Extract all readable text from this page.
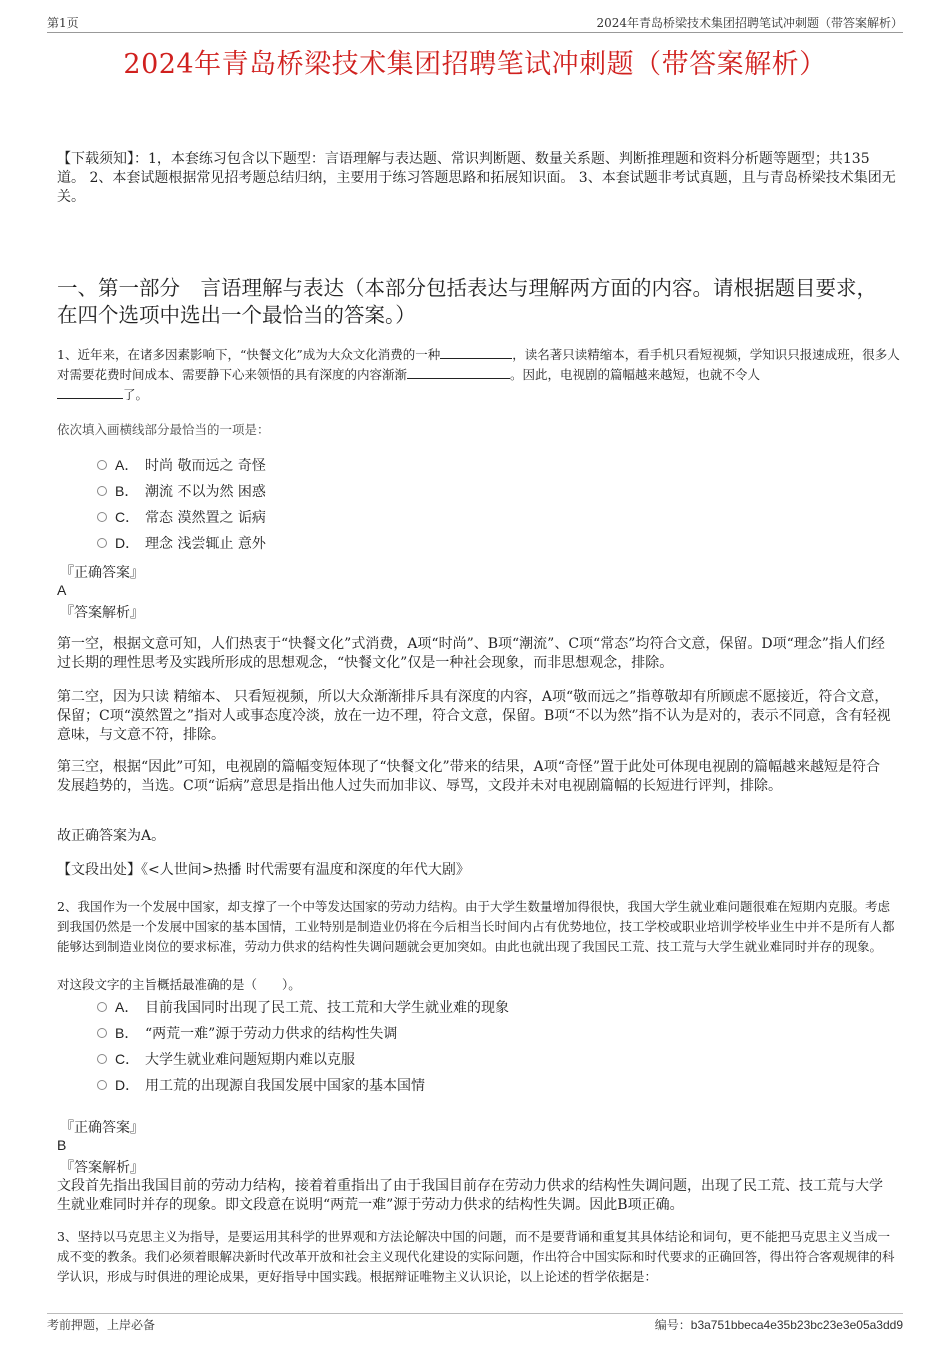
第1页	2024年青岛桥梁技术集团招聘笔试冲刺题（带答案解析）
2024年青岛桥梁技术集团招聘笔试冲刺题（带答案解析）
【下载须知】：1，本套练习包含以下题型：言语理解与表达题、常识判断题、数量关系题、判断推理题和资料分析题等题型；共135道。 2、本套试题根据常见招考题总结归纳，主要用于练习答题思路和拓展知识面。 3、本套试题非考试真题，且与青岛桥梁技术集团无关。
一、第一部分　言语理解与表达（本部分包括表达与理解两方面的内容。请根据题目要求，在四个选项中选出一个最恰当的答案。）
1、近年来，在诸多因素影响下，“快餐文化”成为大众文化消费的一种	，读名著只读精缩本，看手机只看短视频，学知识只报速成班，很多人对需要花费时间成本、需要静下心来领悟的具有深度的内容渐渐	。因此，电视剧的篇幅越来越短，也就不令人
了。
依次填入画横线部分最恰当的一项是：
A． 时尚 敬而远之 奇怪
B． 潮流 不以为然 困惑
C． 常态 漠然置之 诟病
D． 理念 浅尝辄止 意外
『正确答案』
A
『答案解析』
第一空，根据文意可知，人们热衷于“快餐文化”式消费，A项“时尚”、B项“潮流”、C项“常态”均符合文意，保留。D项“理念”指人们经过长期的理性思考及实践所形成的思想观念，“快餐文化”仅是一种社会现象，而非思想观念，排除。
第二空，因为只读 精缩本、 只看短视频，所以大众渐渐排斥具有深度的内容，A项“敬而远之”指尊敬却有所顾虑不愿接近，符合文意，保留；C项“漠然置之”指对人或事态度冷淡，放在一边不理，符合文意，保留。B项“不以为然”指不认为是对的，表示不同意，含有轻视意味，与文意不符，排除。
第三空，根据“因此”可知，电视剧的篇幅变短体现了“快餐文化”带来的结果，A项“奇怪”置于此处可体现电视剧的篇幅越来越短是符合发展趋势的，当选。C项“诟病”意思是指出他人过失而加非议、辱骂，文段并未对电视剧篇幅的长短进行评判，排除。
故正确答案为A。
【文段出处】《<人世间>热播 时代需要有温度和深度的年代大剧》
2、我国作为一个发展中国家，却支撑了一个中等发达国家的劳动力结构。由于大学生数量增加得很快，我国大学生就业难问题很难在短期内克服。考虑到我国仍然是一个发展中国家的基本国情，工业特别是制造业仍将在今后相当长时间内占有优势地位，技工学校或职业培训学校毕业生中并不是所有人都能够达到制造业岗位的要求标准，劳动力供求的结构性失调问题就会更加突如。由此也就出现了我国民工荒、技工荒与大学生就业难同时并存的现象。
对这段文字的主旨概括最准确的是（　　）。
A． 目前我国同时出现了民工荒、技工荒和大学生就业难的现象
B． “两荒一难”源于劳动力供求的结构性失调
C． 大学生就业难问题短期内难以克服
D． 用工荒的出现源自我国发展中国家的基本国情
『正确答案』
B
『答案解析』
文段首先指出我国目前的劳动力结构，接着着重指出了由于我国目前存在劳动力供求的结构性失调问题，出现了民工荒、技工荒与大学生就业难同时并存的现象。即文段意在说明“两荒一难”源于劳动力供求的结构性失调。因此B项正确。
3、坚持以马克思主义为指导，是要运用其科学的世界观和方法论解决中国的问题，而不是要背诵和重复其具体结论和词句，更不能把马克思主义当成一成不变的教条。我们必须着眼解决新时代改革开放和社会主义现代化建设的实际问题，作出符合中国实际和时代要求的正确回答，得出符合客观规律的科学认识，形成与时俱进的理论成果，更好指导中国实践。根据辩证唯物主义认识论，以上论述的哲学依据是：
考前押题，上岸必备	编号：b3a751bbeca4e35b23bc23e3e05a3dd9
